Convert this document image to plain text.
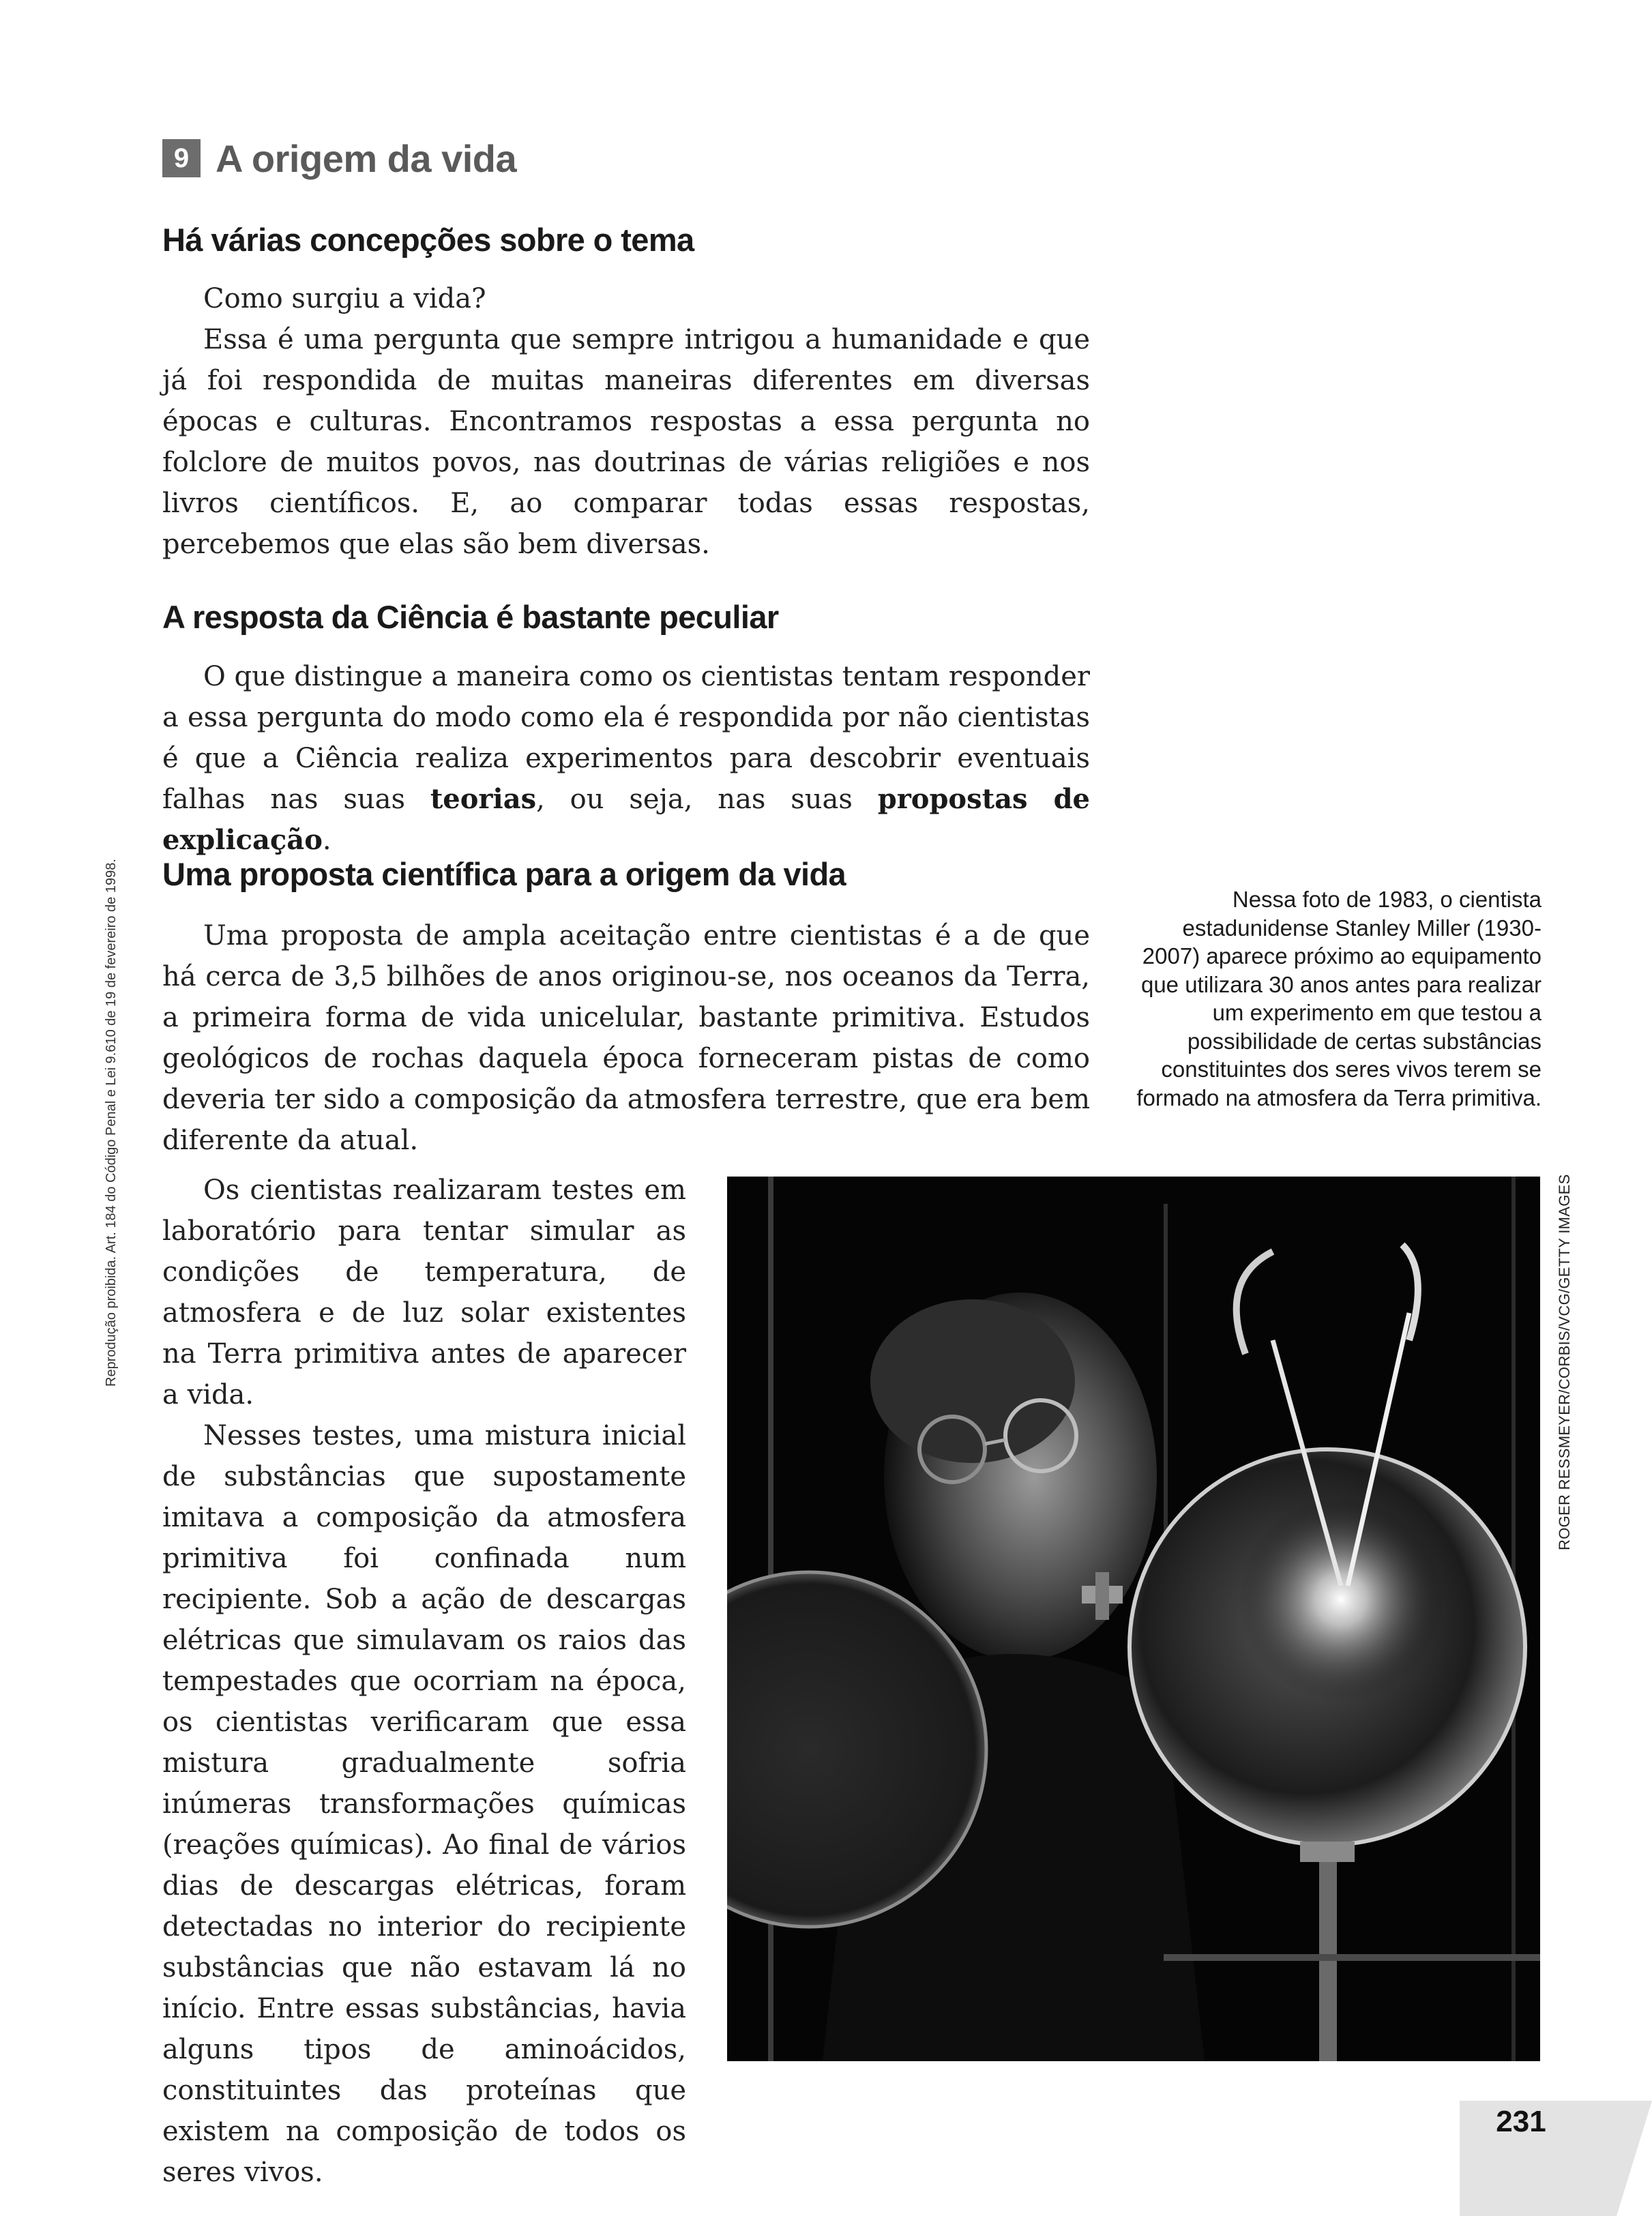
9 A origem da vida
Há várias concepções sobre o tema

Como surgiu a vida?

Essa é uma pergunta que sempre intrigou a humanidade e que já foi respondida de muitas maneiras diferentes em diversas épocas e culturas. Encontramos respostas a essa pergunta no folclore de muitos povos, nas doutrinas de várias religiões e nos livros científicos. E, ao comparar todas essas respostas, percebemos que elas são bem diversas.

A resposta da Ciência é bastante peculiar

O que distingue a maneira como os cientistas tentam responder a essa pergunta do modo como ela é respondida por não cientistas é que a Ciência realiza experimentos para descobrir eventuais falhas nas suas teorias, ou seja, nas suas propostas de explicação.

Uma proposta científica para a origem da vida

Uma proposta de ampla aceitação entre cientistas é a de que há cerca de 3,5 bilhões de anos originou-se, nos oceanos da Terra, a primeira forma de vida unicelular, bastante primitiva. Estudos geológicos de rochas daquela época forneceram pistas de como deveria ter sido a composição da atmosfera terrestre, que era bem diferente da atual.

Os cientistas realizaram testes em laboratório para tentar simular as condições de temperatura, de atmosfera e de luz solar existentes na Terra primitiva antes de aparecer a vida.

Nesses testes, uma mistura inicial de substâncias que supostamente imitava a composição da atmosfera primitiva foi confinada num recipiente. Sob a ação de descargas elétricas que simulavam os raios das tempestades que ocorriam na época, os cientistas verificaram que essa mistura gradualmente sofria inúmeras transformações químicas (reações químicas). Ao final de vários dias de descargas elétricas, foram detectadas no interior do recipiente substâncias que não estavam lá no início. Entre essas substâncias, havia alguns tipos de aminoácidos, constituintes das proteínas que existem na composição de todos os seres vivos.

Nessa foto de 1983, o cientista estadunidense Stanley Miller (1930-2007) aparece próximo ao equipamento que utilizara 30 anos antes para realizar um experimento em que testou a possibilidade de certas substâncias constituintes dos seres vivos terem se formado na atmosfera da Terra primitiva.
ROGER RESSMEYER/CORBIS/VCG/GETTY IMAGES
Reprodução proibida. Art. 184 do Código Penal e Lei 9.610 de 19 de fevereiro de 1998.
231
